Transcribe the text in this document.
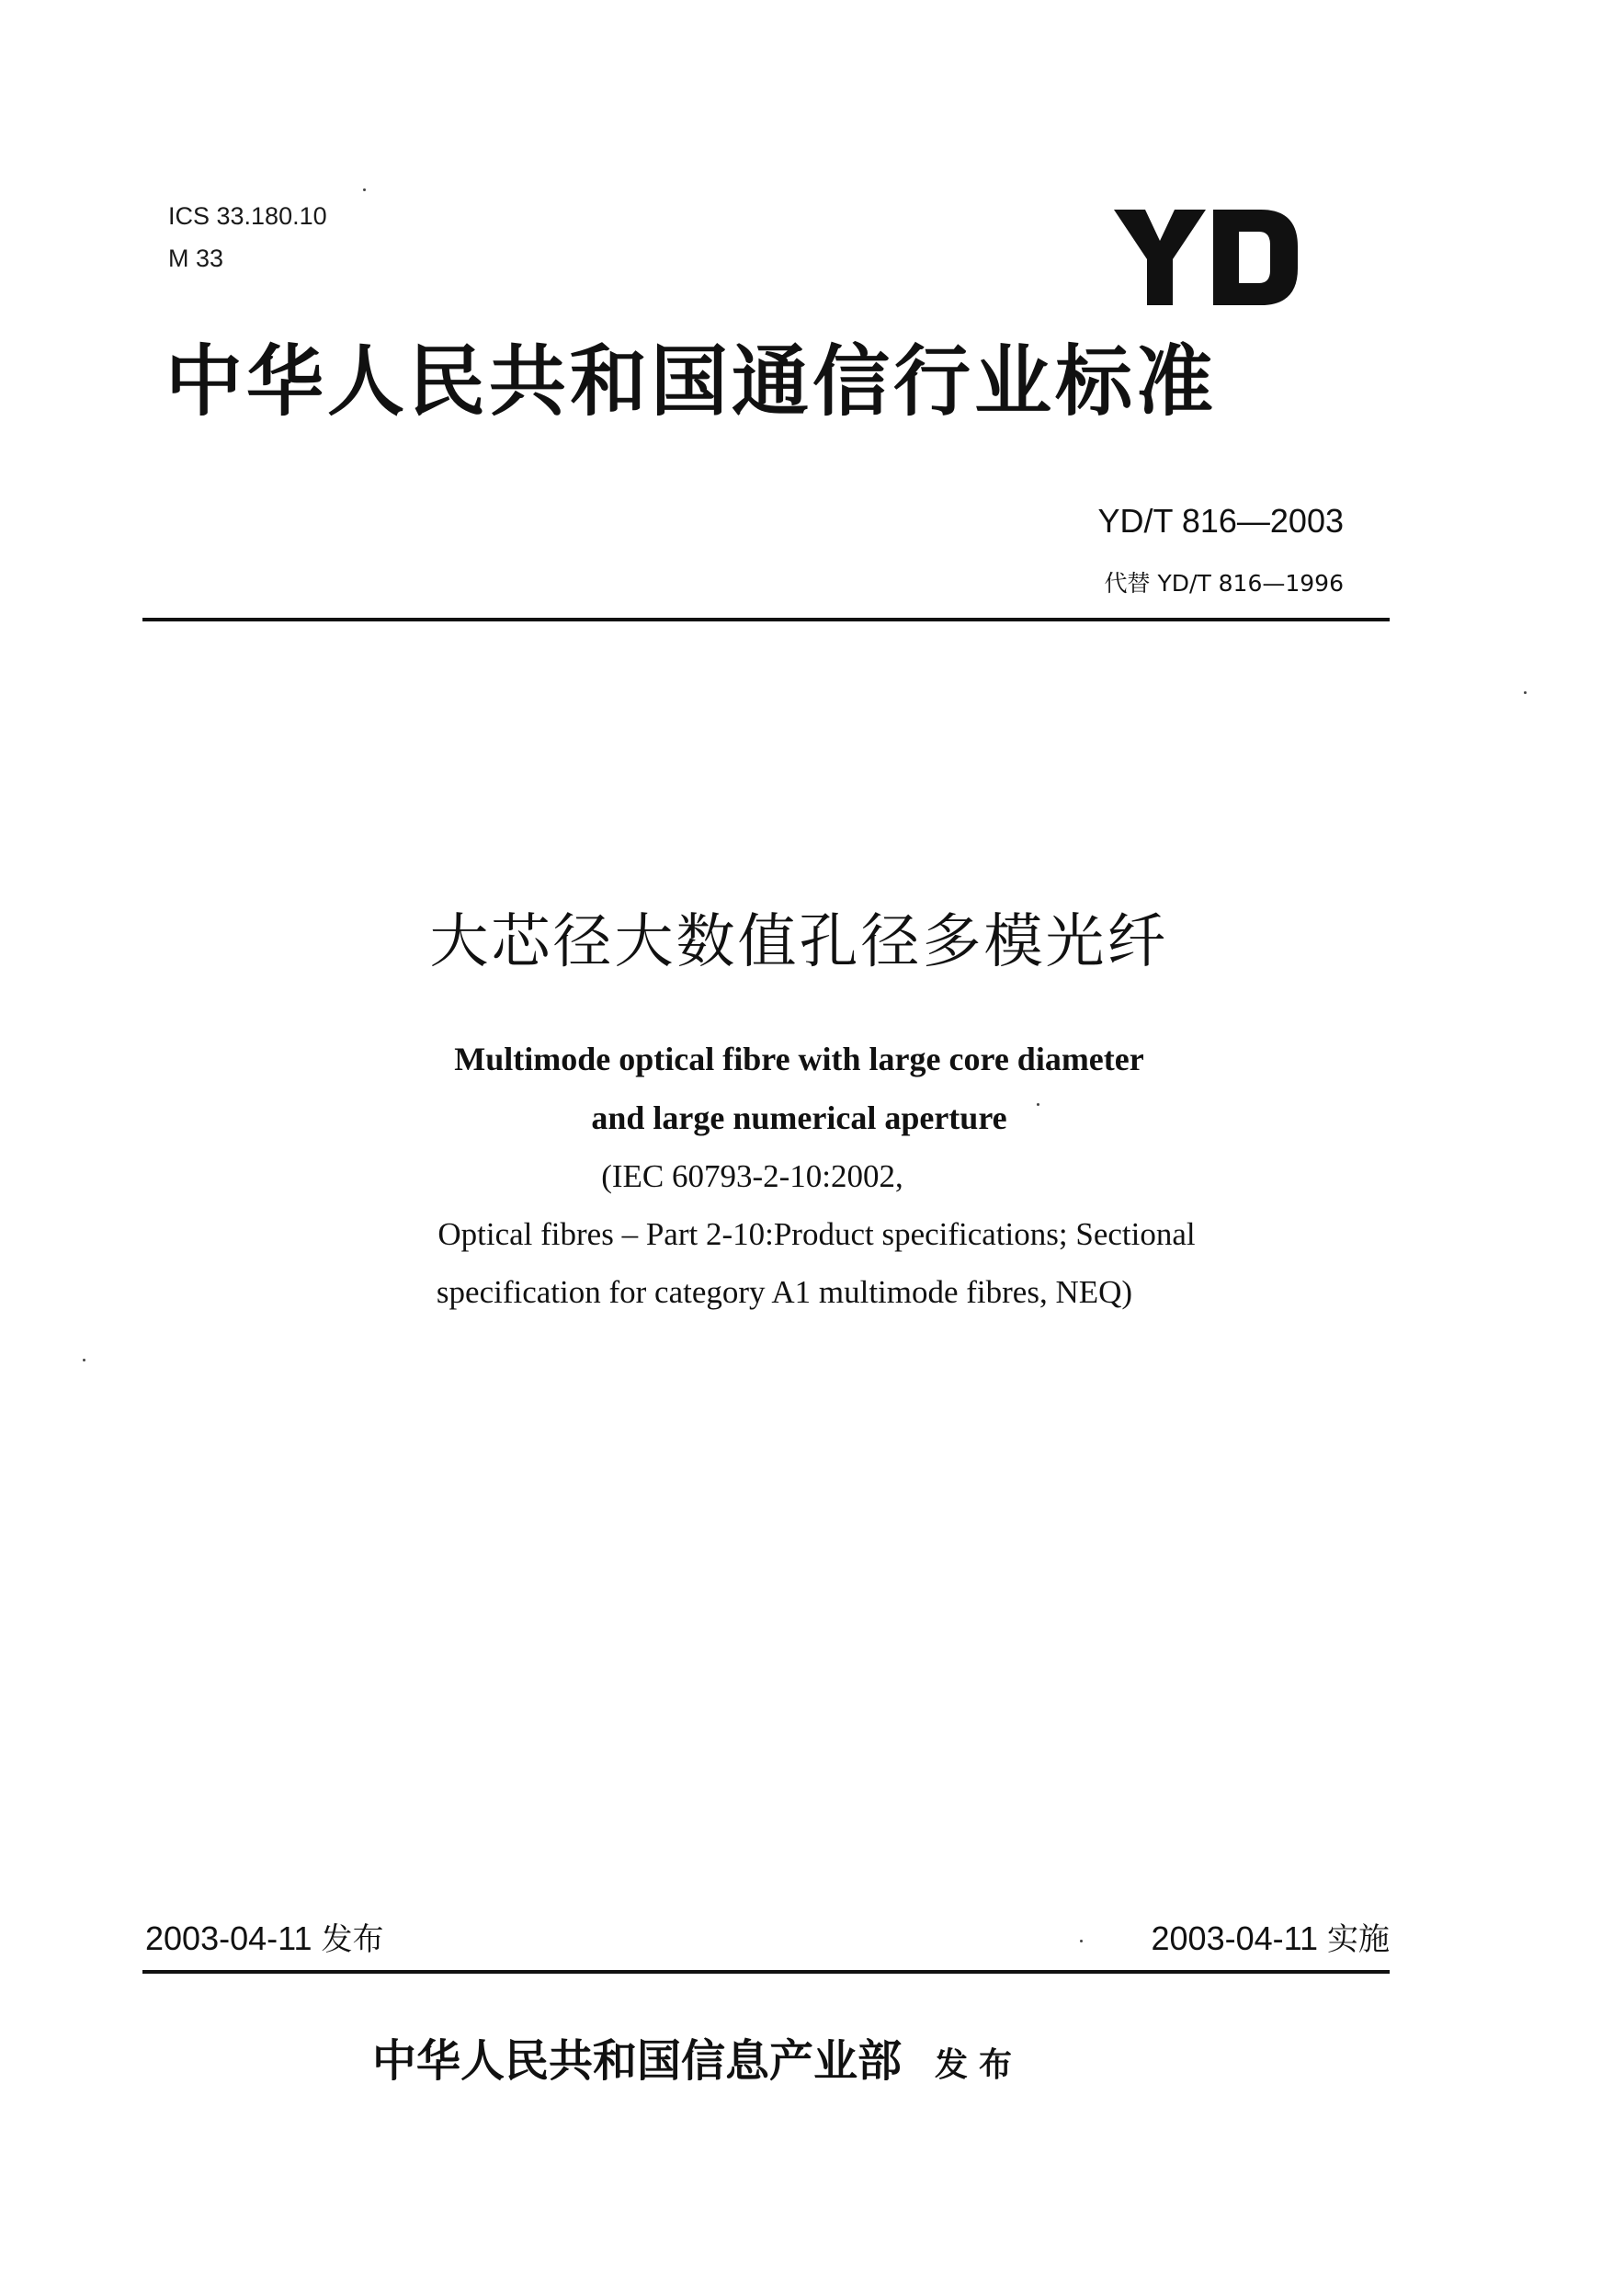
ICS 33.180.10
M 33
中华人民共和国通信行业标准
YD/T 816—2003
代替 YD/T 816—1996
大芯径大数值孔径多模光纤
Multimode optical fibre with large core diameter
and large numerical aperture
(IEC 60793-2-10:2002,
Optical fibres – Part 2-10:Product specifications; Sectional
specification for category A1 multimode fibres, NEQ)
2003-04-11 发布	2003-04-11 实施
中华人民共和国信息产业部 发布
